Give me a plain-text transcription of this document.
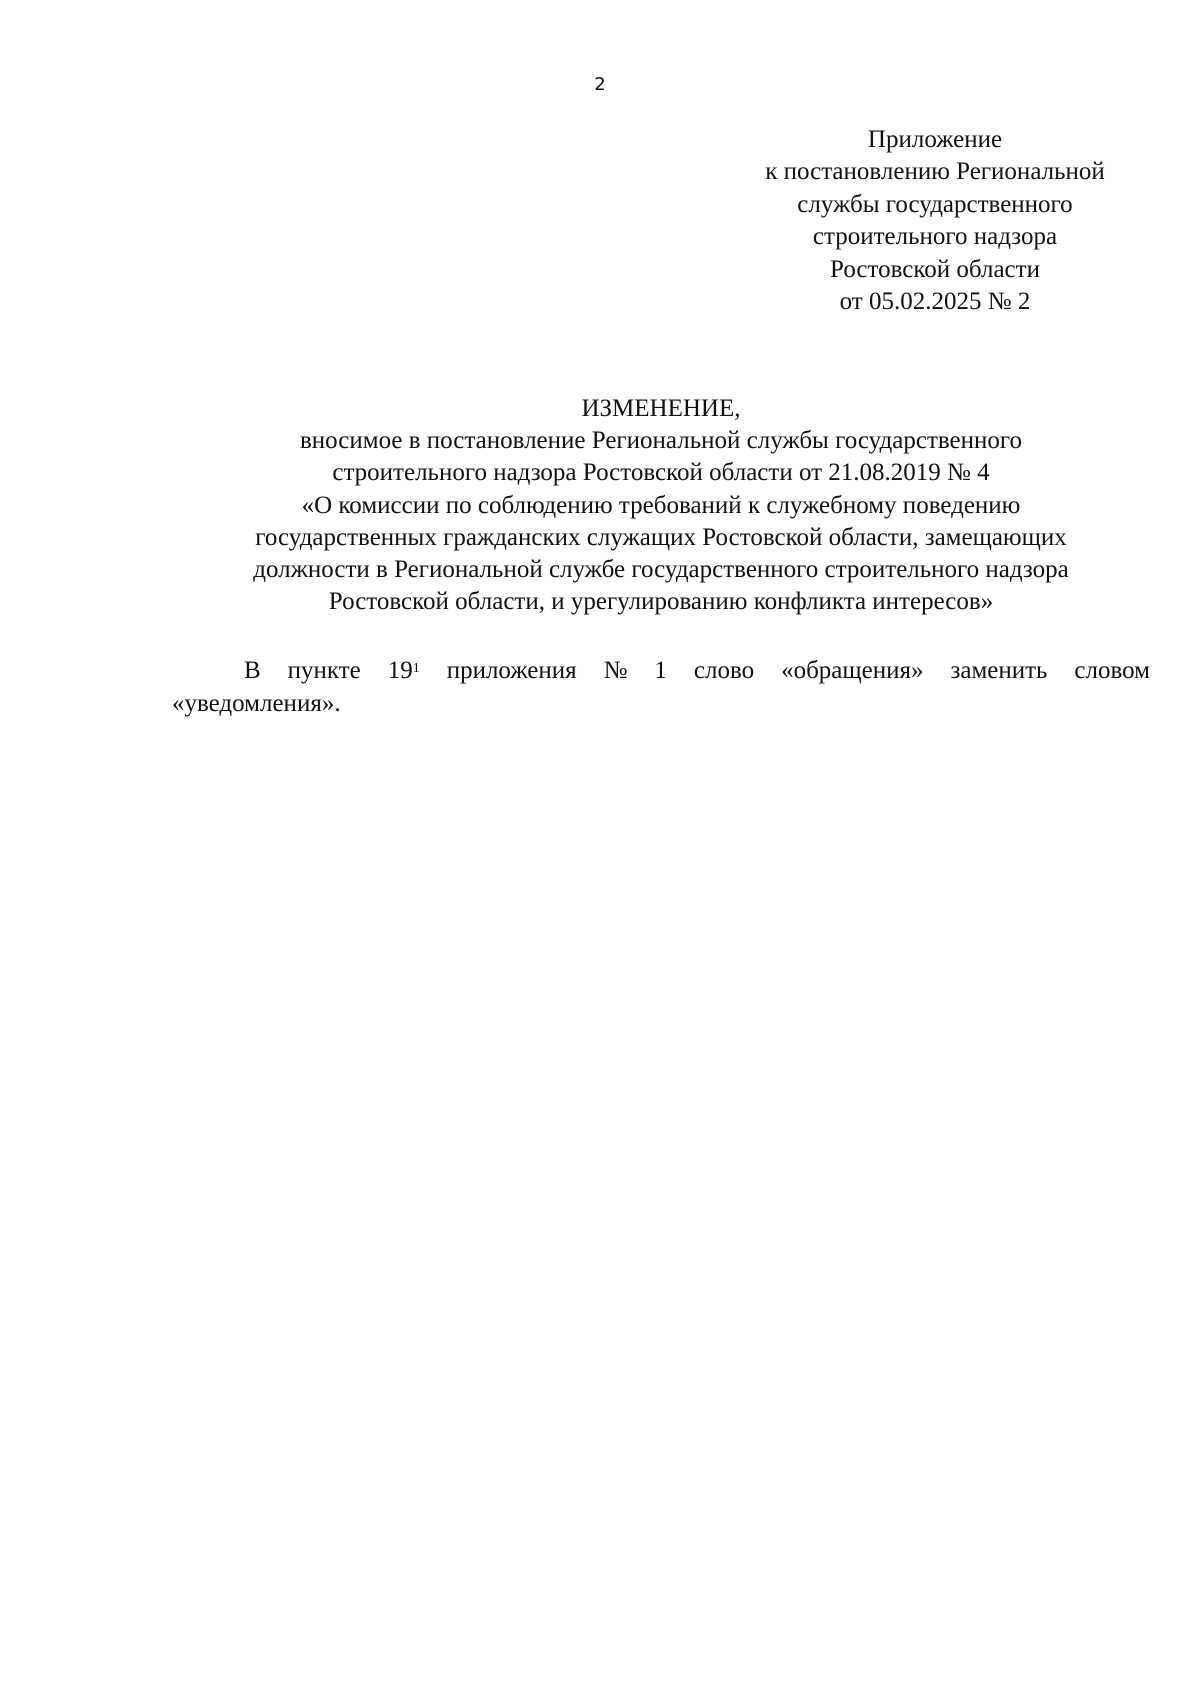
2
Приложение
к постановлению Региональной
службы государственного
строительного надзора
Ростовской области
от 05.02.2025 № 2
ИЗМЕНЕНИЕ,
вносимое в постановление Региональной службы государственного
строительного надзора Ростовской области от 21.08.2019 № 4
«О комиссии по соблюдению требований к служебному поведению
государственных гражданских служащих Ростовской области, замещающих
должности в Региональной службе государственного строительного надзора
Ростовской области, и урегулированию конфликта интересов»
В пункте $19^1$ приложения № 1 слово «обращения» заменить словом
«уведомления».
